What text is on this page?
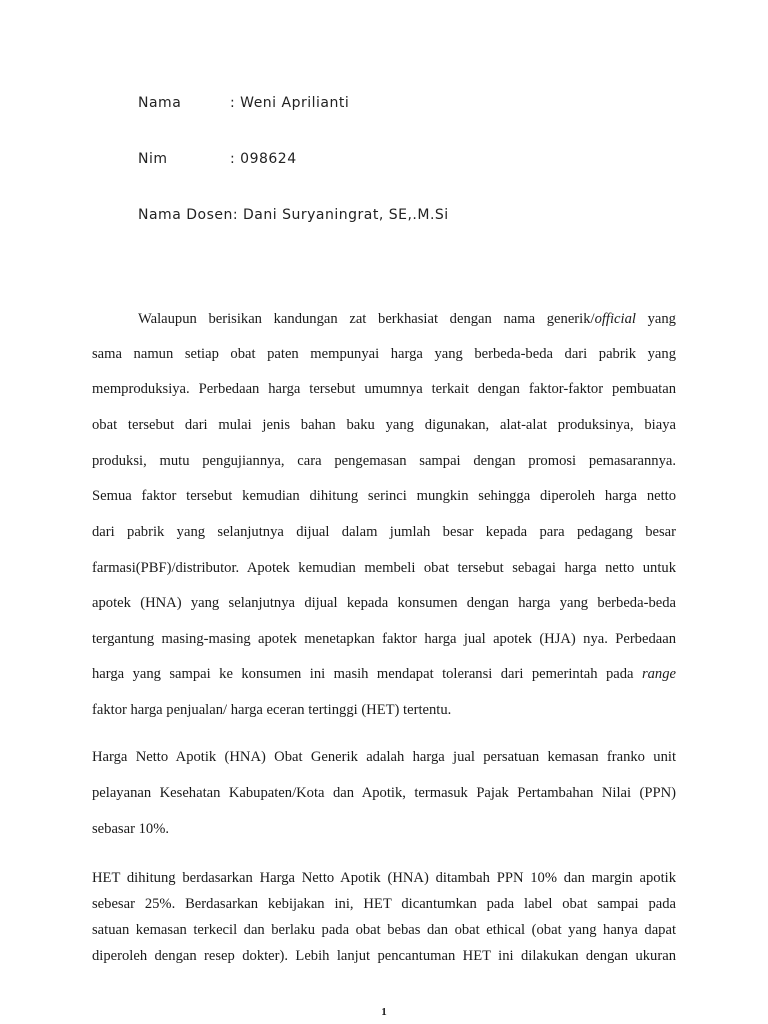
Nama	: Weni Aprilianti
Nim	: 098624
Nama Dosen: Dani Suryaningrat, SE,.M.Si
Walaupun berisikan kandungan zat berkhasiat dengan nama generik/official yang
sama namun setiap obat paten mempunyai harga yang berbeda-beda dari pabrik yang
memproduksiya. Perbedaan harga tersebut umumnya terkait dengan faktor-faktor pembuatan
obat tersebut dari mulai jenis bahan baku yang digunakan, alat-alat produksinya, biaya
produksi, mutu pengujiannya, cara pengemasan sampai dengan promosi pemasarannya.
Semua faktor tersebut kemudian dihitung serinci mungkin sehingga diperoleh harga netto
dari pabrik yang selanjutnya dijual dalam jumlah besar kepada para pedagang besar
farmasi(PBF)/distributor. Apotek kemudian membeli obat tersebut sebagai harga netto untuk
apotek (HNA) yang selanjutnya dijual kepada konsumen dengan harga yang berbeda-beda
tergantung masing-masing apotek menetapkan faktor harga jual apotek (HJA) nya. Perbedaan
harga yang sampai ke konsumen ini masih mendapat toleransi dari pemerintah pada range
faktor harga penjualan/ harga eceran tertinggi (HET) tertentu.
Harga Netto Apotik (HNA) Obat Generik adalah harga jual persatuan kemasan franko unit
pelayanan Kesehatan Kabupaten/Kota dan Apotik, termasuk Pajak Pertambahan Nilai (PPN)
sebasar 10%.
HET dihitung berdasarkan Harga Netto Apotik (HNA) ditambah PPN 10% dan margin apotik
sebesar 25%. Berdasarkan kebijakan ini, HET dicantumkan pada label obat sampai pada
satuan kemasan terkecil dan berlaku pada obat bebas dan obat ethical (obat yang hanya dapat
diperoleh dengan resep dokter). Lebih lanjut pencantuman HET ini dilakukan dengan ukuran
1
